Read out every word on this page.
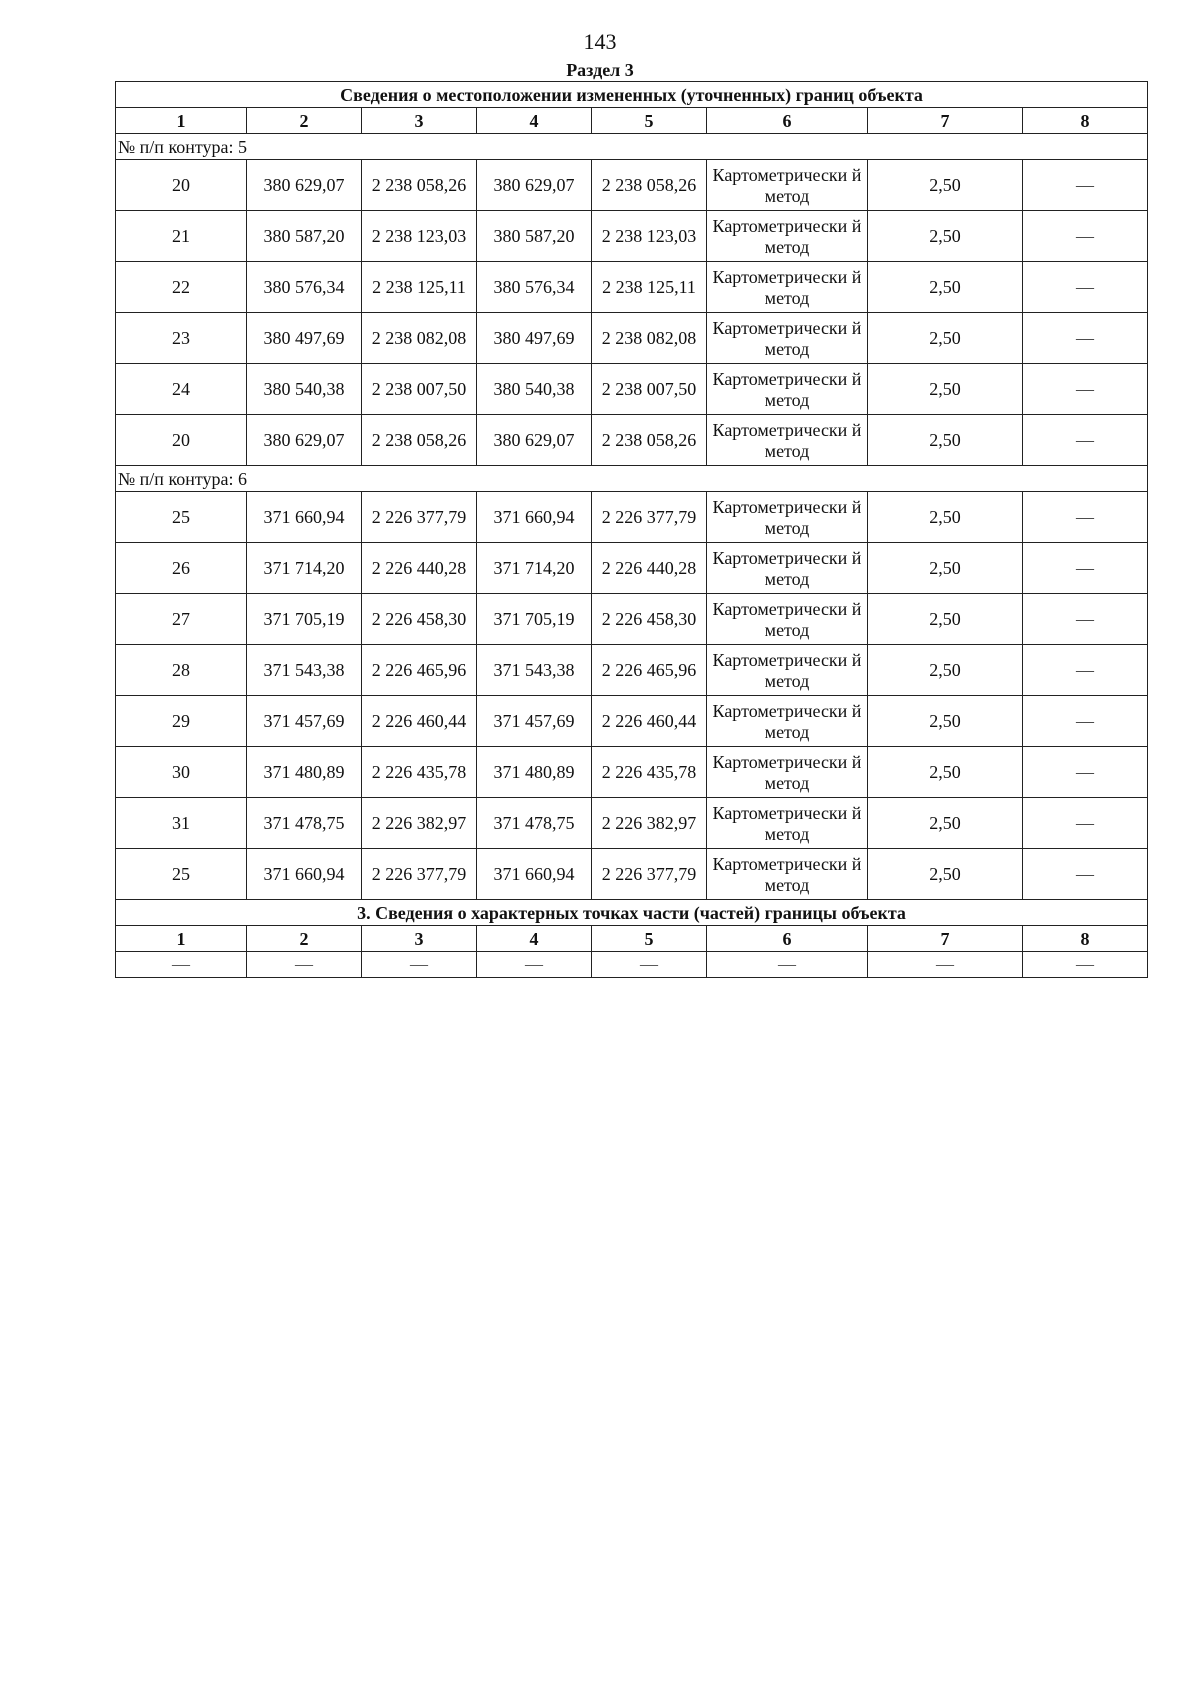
143
Раздел 3
Сведения о местоположении измененных (уточненных) границ объекта							
1	2	3	4	5	6	7	8
№ п/п контура: 5							
20	380 629,07	2 238 058,26	380 629,07	2 238 058,26	Картометрически й метод	2,50	—
21	380 587,20	2 238 123,03	380 587,20	2 238 123,03	Картометрически й метод	2,50	—
22	380 576,34	2 238 125,11	380 576,34	2 238 125,11	Картометрически й метод	2,50	—
23	380 497,69	2 238 082,08	380 497,69	2 238 082,08	Картометрически й метод	2,50	—
24	380 540,38	2 238 007,50	380 540,38	2 238 007,50	Картометрически й метод	2,50	—
20	380 629,07	2 238 058,26	380 629,07	2 238 058,26	Картометрически й метод	2,50	—
№ п/п контура: 6							
25	371 660,94	2 226 377,79	371 660,94	2 226 377,79	Картометрически й метод	2,50	—
26	371 714,20	2 226 440,28	371 714,20	2 226 440,28	Картометрически й метод	2,50	—
27	371 705,19	2 226 458,30	371 705,19	2 226 458,30	Картометрически й метод	2,50	—
28	371 543,38	2 226 465,96	371 543,38	2 226 465,96	Картометрически й метод	2,50	—
29	371 457,69	2 226 460,44	371 457,69	2 226 460,44	Картометрически й метод	2,50	—
30	371 480,89	2 226 435,78	371 480,89	2 226 435,78	Картометрически й метод	2,50	—
31	371 478,75	2 226 382,97	371 478,75	2 226 382,97	Картометрически й метод	2,50	—
25	371 660,94	2 226 377,79	371 660,94	2 226 377,79	Картометрически й метод	2,50	—
3. Сведения о характерных точках части (частей) границы объекта							
1	2	3	4	5	6	7	8
—	—	—	—	—	—	—	—
